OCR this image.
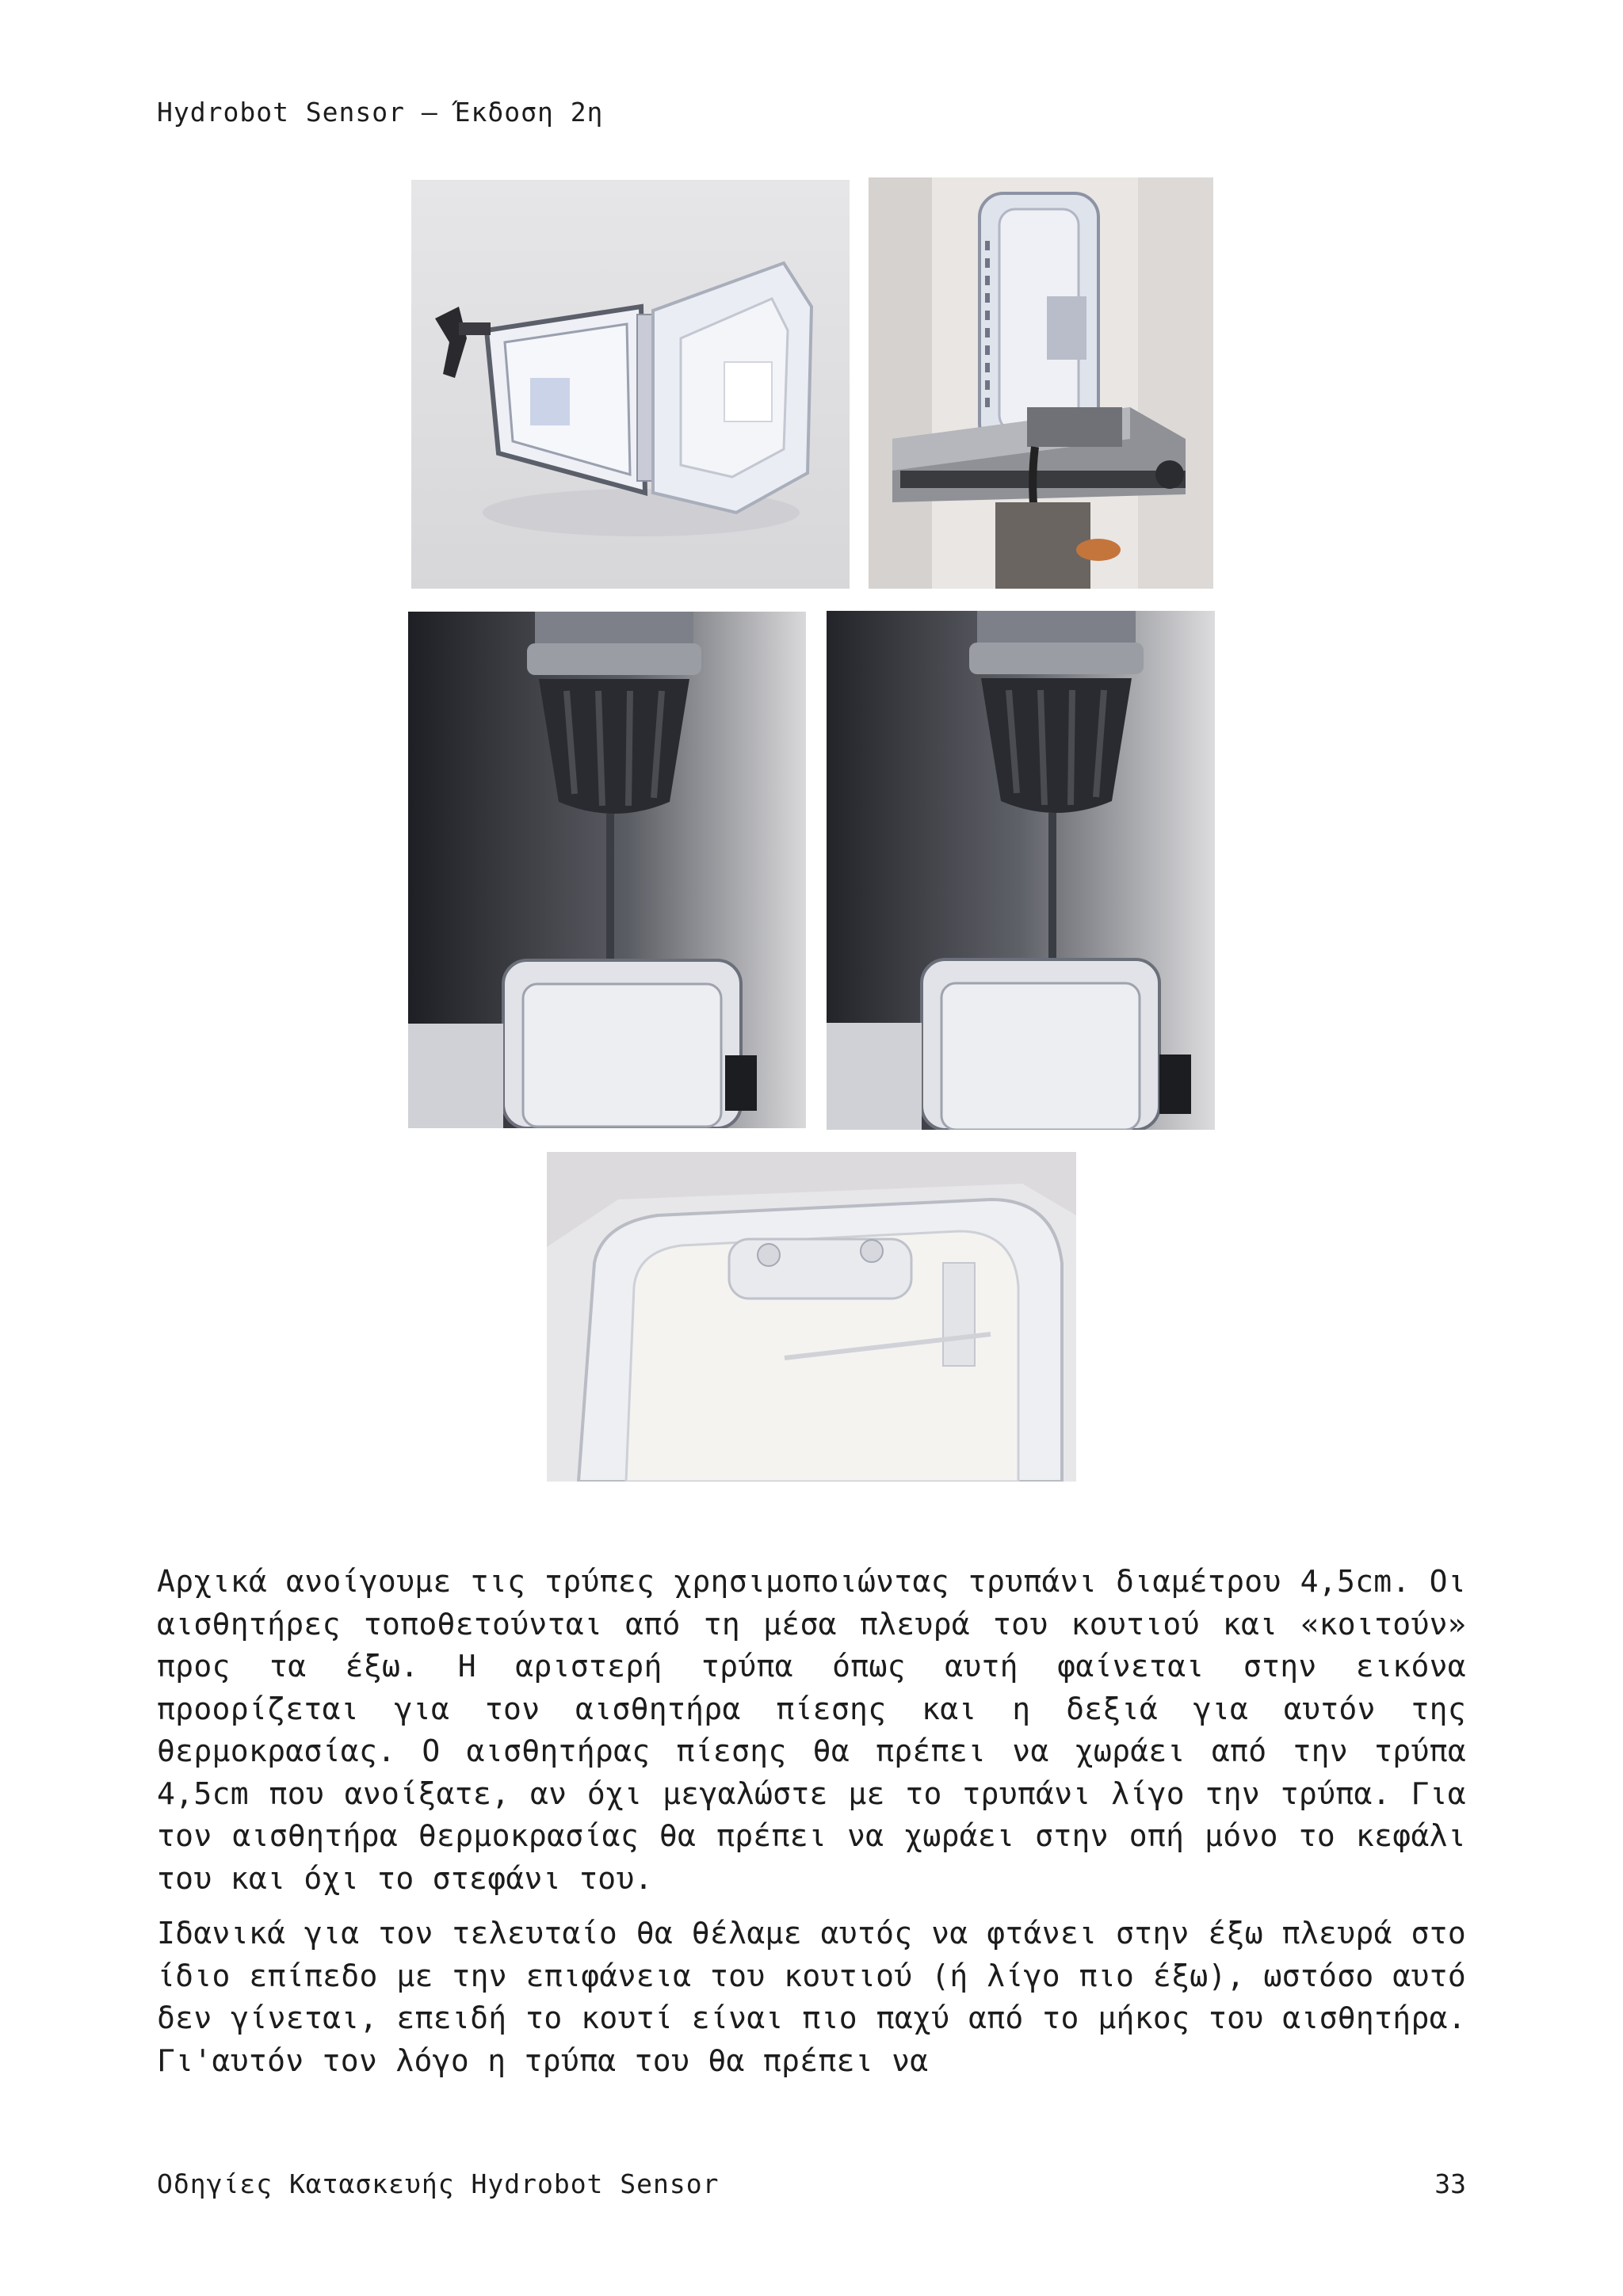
Hydrobot Sensor – Έκδοση 2η

Αρχικά ανοίγουμε τις τρύπες χρησιμοποιώντας τρυπάνι διαμέτρου 4,5cm. Οι αισθητήρες τοποθετούνται από τη μέσα πλευρά του κουτιού και «κοιτούν» προς τα έξω. Η αριστερή τρύπα όπως αυτή φαίνεται στην εικόνα προορίζεται για τον αισθητήρα πίεσης και η δεξιά για αυτόν της θερμοκρασίας. Ο αισθητήρας πίεσης θα πρέπει να χωράει από την τρύπα 4,5cm που ανοίξατε, αν όχι μεγαλώστε με το τρυπάνι λίγο την τρύπα. Για τον αισθητήρα θερμοκρασίας θα πρέπει να χωράει στην οπή μόνο το κεφάλι του και όχι το στεφάνι του.

Ιδανικά για τον τελευταίο θα θέλαμε αυτός να φτάνει στην έξω πλευρά στο ίδιο επίπεδο με την επιφάνεια του κουτιού (ή λίγο πιο έξω), ωστόσο αυτό δεν γίνεται, επειδή το κουτί είναι πιο παχύ από το μήκος του αισθητήρα. Γι'αυτόν τον λόγο η τρύπα του θα πρέπει να

Οδηγίες Κατασκευής Hydrobot Sensor	33
